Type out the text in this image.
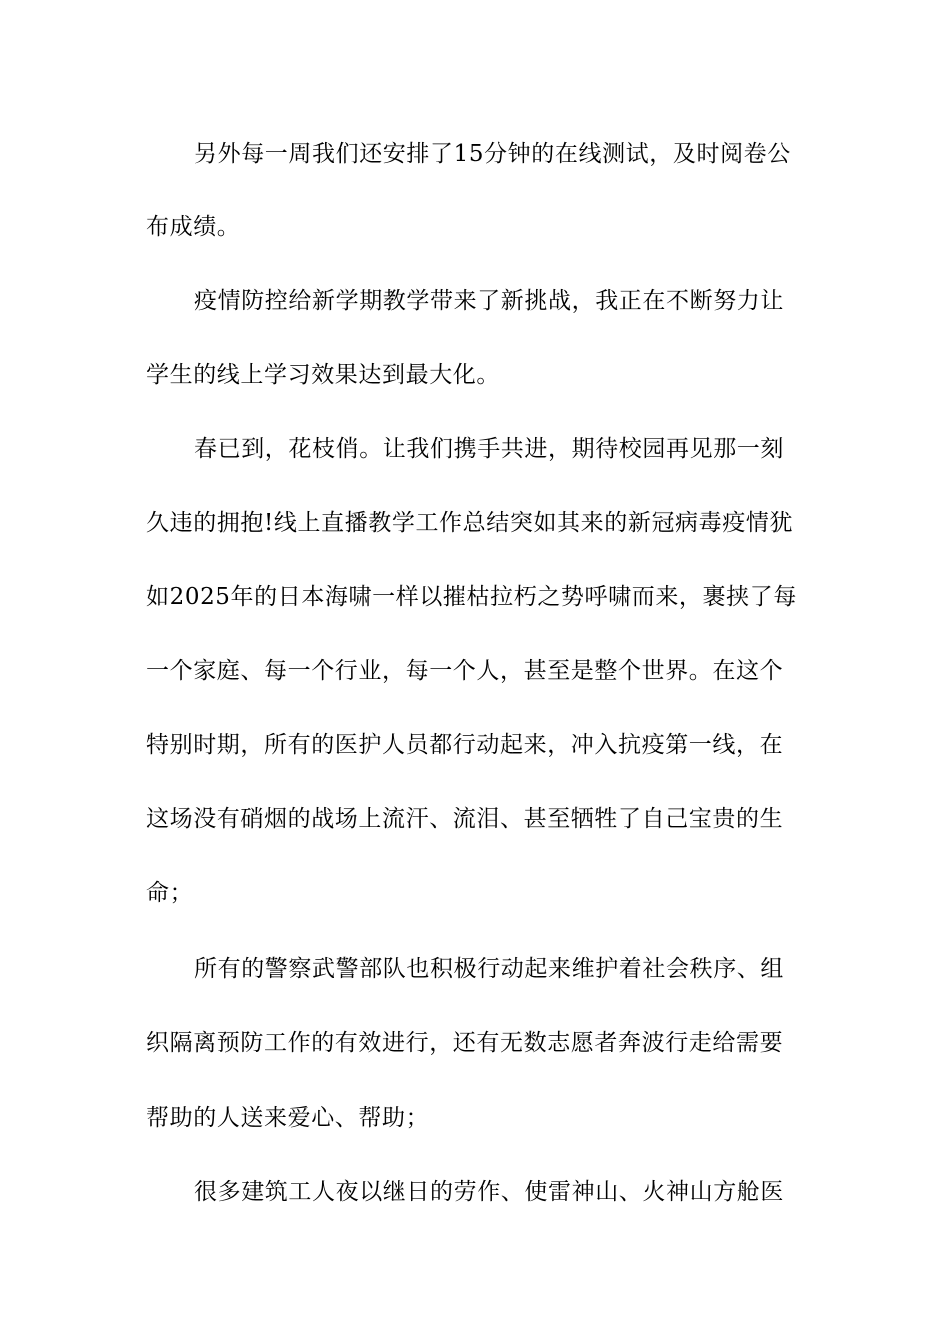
另外每一周我们还安排了15分钟的在线测试，及时阅卷公
布成绩。
疫情防控给新学期教学带来了新挑战，我正在不断努力让
学生的线上学习效果达到最大化。
春已到，花枝俏。让我们携手共进，期待校园再见那一刻
久违的拥抱!线上直播教学工作总结突如其来的新冠病毒疫情犹
如2025年的日本海啸一样以摧枯拉朽之势呼啸而来，裹挟了每
一个家庭、每一个行业，每一个人，甚至是整个世界。在这个
特别时期，所有的医护人员都行动起来，冲入抗疫第一线，在
这场没有硝烟的战场上流汗、流泪、甚至牺牲了自己宝贵的生
命；
所有的警察武警部队也积极行动起来维护着社会秩序、组
织隔离预防工作的有效进行，还有无数志愿者奔波行走给需要
帮助的人送来爱心、帮助；
很多建筑工人夜以继日的劳作、使雷神山、火神山方舱医
